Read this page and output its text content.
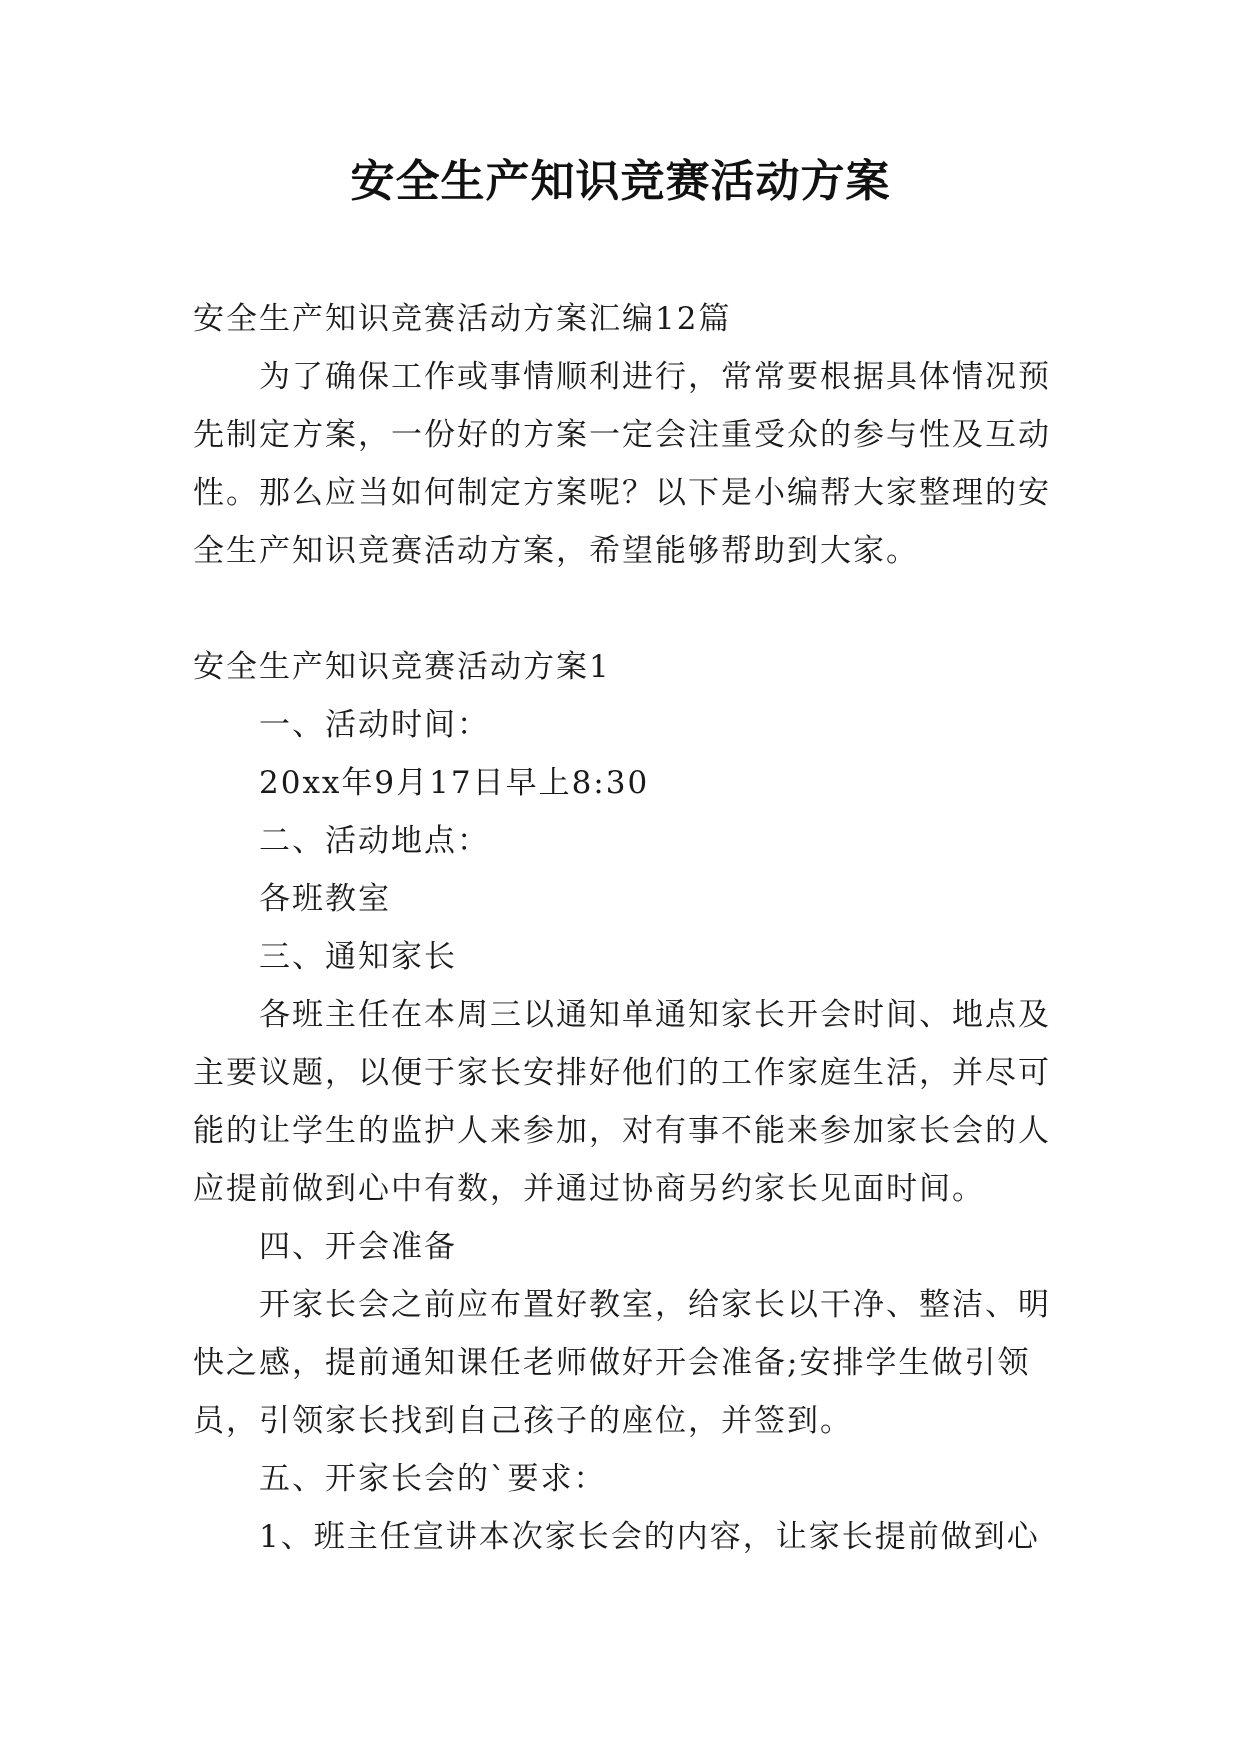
安全生产知识竞赛活动方案

安全生产知识竞赛活动方案汇编12篇

为了确保工作或事情顺利进行，常常要根据具体情况预先制定方案，一份好的方案一定会注重受众的参与性及互动性。那么应当如何制定方案呢？以下是小编帮大家整理的安全生产知识竞赛活动方案，希望能够帮助到大家。

安全生产知识竞赛活动方案1

一、活动时间：

20xx年9月17日早上8:30

二、活动地点：

各班教室

三、通知家长

各班主任在本周三以通知单通知家长开会时间、地点及主要议题，以便于家长安排好他们的工作家庭生活，并尽可能的让学生的监护人来参加，对有事不能来参加家长会的人应提前做到心中有数，并通过协商另约家长见面时间。

四、开会准备

开家长会之前应布置好教室，给家长以干净、整洁、明快之感，提前通知课任老师做好开会准备;安排学生做引领员，引领家长找到自己孩子的座位，并签到。

五、开家长会的`要求：

1、班主任宣讲本次家长会的内容，让家长提前做到心
